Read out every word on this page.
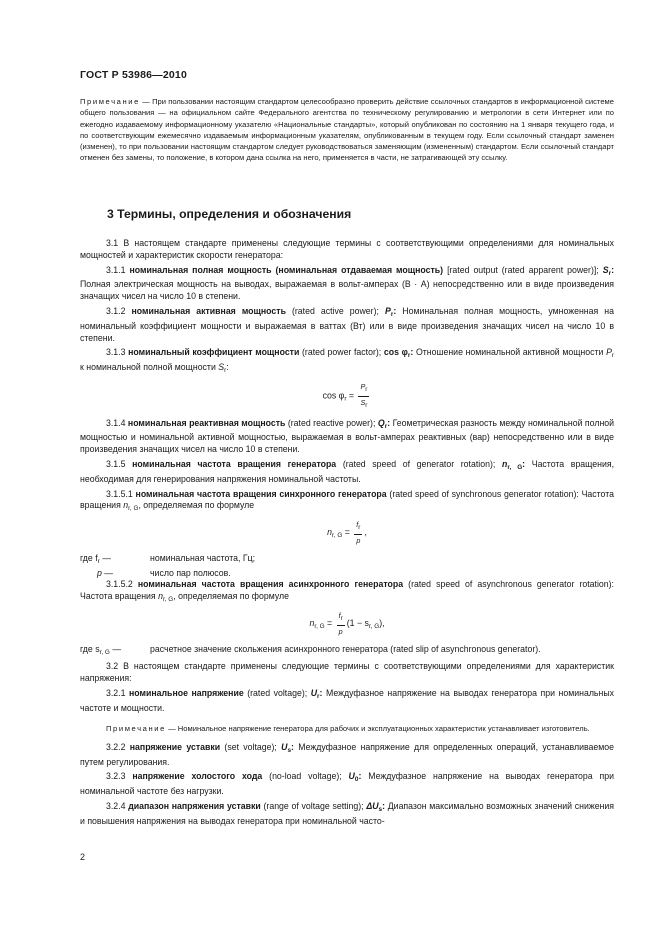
ГОСТ Р 53986—2010
Примечание — При пользовании настоящим стандартом целесообразно проверить действие ссылочных стандартов в информационной системе общего пользования — на официальном сайте Федерального агентства по техническому регулированию и метрологии в сети Интернет или по ежегодно издаваемому информационному указателю «Национальные стандарты», который опубликован по состоянию на 1 января текущего года, и по соответствующим ежемесячно издаваемым информационным указателям, опубликованным в текущем году. Если ссылочный стандарт заменен (изменен), то при пользовании настоящим стандартом следует руководствоваться заменяющим (измененным) стандартом. Если ссылочный стандарт отменен без замены, то положение, в котором дана ссылка на него, применяется в части, не затрагивающей эту ссылку.
3 Термины, определения и обозначения

3.1 В настоящем стандарте применены следующие термины с соответствующими определениями для номинальных мощностей и характеристик скорости генератора:

3.1.1 номинальная полная мощность (номинальная отдаваемая мощность) [rated output (rated apparent power)]; $S_r$: Полная электрическая мощность на выводах, выражаемая в вольт-амперах (В · А) непосредственно или в виде произведения значащих чисел на число 10 в степени.

3.1.2 номинальная активная мощность (rated active power); $P_r$: Номинальная полная мощность, умноженная на номинальный коэффициент мощности и выражаемая в ваттах (Вт) или в виде произведения значащих чисел на число 10 в степени.

3.1.3 номинальный коэффициент мощности (rated power factor); $\cos \varphi_r$: Отношение номинальной активной мощности $P_r$ к номинальной полной мощности $S_r$:

$\cos \varphi_r = \frac{Pr}{Sr}$

3.1.4 номинальная реактивная мощность (rated reactive power); $Q_r$: Геометрическая разность между номинальной полной мощностью и номинальной активной мощностью, выражаемая в вольт-амперах реактивных (вар) непосредственно или в виде произведения значащих чисел на число 10 в степени.

3.1.5 номинальная частота вращения генератора (rated speed of generator rotation); $n_{r, G}$: Частота вращения, необходимая для генерирования напряжения номинальной частоты.

3.1.5.1 номинальная частота вращения синхронного генератора (rated speed of synchronous generator rotation): Частота вращения $n_{r, G}$, определяемая по формуле

$n_{r, G} = \frac{fr}{p}$ ,
где $f_r$ —	номинальная частота, Гц;
p —	число пар полюсов.

3.1.5.2 номинальная частота вращения асинхронного генератора (rated speed of asynchronous generator rotation): Частота вращения $n_{r, G}$, определяемая по формуле

$n_{r, G} = \frac{fr}{p} (1 - s_{r, G})$,
где $s_{r, G}$ —	расчетное значение скольжения асинхронного генератора (rated slip of asynchronous generator).

3.2 В настоящем стандарте применены следующие термины с соответствующими определениями для характеристик напряжения:

3.2.1 номинальное напряжение (rated voltage); $U_r$: Междуфазное напряжение на выводах генератора при номинальных частоте и мощности.

Примечание — Номинальное напряжение генератора для рабочих и эксплуатационных характеристик устанавливает изготовитель.

3.2.2 напряжение уставки (set voltage); $U_s$: Междуфазное напряжение для определенных операций, устанавливаемое путем регулирования.

3.2.3 напряжение холостого хода (no-load voltage); $U_0$: Междуфазное напряжение на выводах генератора при номинальной частоте без нагрузки.

3.2.4 диапазон напряжения уставки (range of voltage setting); $\Delta U_s$: Диапазон максимально возможных значений снижения и повышения напряжения на выводах генератора при номинальной часто-

2
